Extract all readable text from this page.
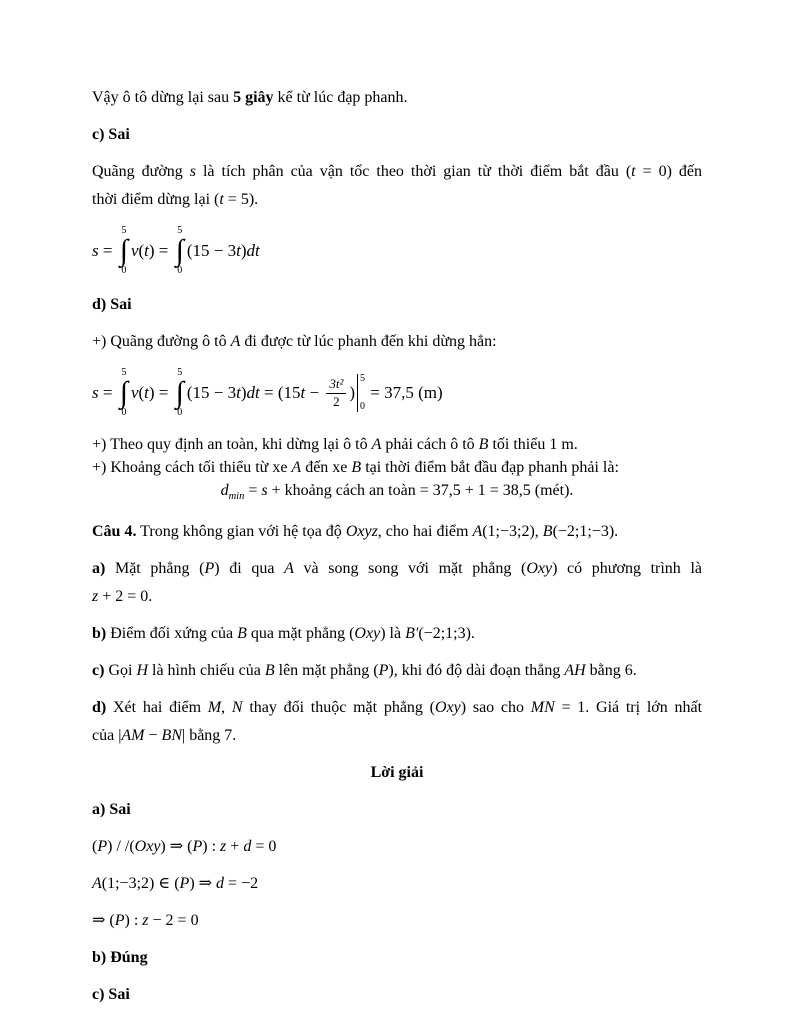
Vậy ô tô dừng lại sau 5 giây kể từ lúc đạp phanh.
c) Sai
Quãng đường s là tích phân của vận tốc theo thời gian từ thời điểm bắt đầu (t = 0) đến
thời điểm dừng lại (t = 5).
s =
5
∫
0
v ( t ) =
5
∫
0
(15 − 3 t ) dt
d) Sai
+) Quãng đường ô tô A đi được từ lúc phanh đến khi dừng hẳn:
s =
5
∫
0
v ( t ) =
5
∫
0
(15 − 3 t ) dt = (15 $t - \frac{\text{3t²}}{2}$ )
5
0
= 37,5 (m)
+) Theo quy định an toàn, khi dừng lại ô tô A phải cách ô tô B tối thiểu 1 m.
+) Khoảng cách tối thiểu từ xe A đến xe B tại thời điểm bắt đầu đạp phanh phải là:
$d_{min} = s$ + khoảng cách an toàn = 37,5 + 1 = 38,5 (mét).
Câu 4. Trong không gian với hệ tọa độ Oxyz, cho hai điểm A(1;−3;2), B(−2;1;−3).
a) Mặt phẳng (P) đi qua A và song song với mặt phẳng (Oxy) có phương trình là
z + 2 = 0.
b) Điểm đối xứng của B qua mặt phẳng (Oxy) là B′(−2;1;3).
c) Gọi H là hình chiếu của B lên mặt phẳng (P), khi đó độ dài đoạn thẳng AH bằng 6.
d) Xét hai điểm M, N thay đổi thuộc mặt phẳng (Oxy) sao cho MN = 1. Giá trị lớn nhất
của |AM − BN| bằng 7.
Lời giải
a) Sai
(P) / /(Oxy) ⇒ (P) : z + d = 0
A(1;−3;2) ∈ (P) ⇒ d = −2
⇒ (P) : z − 2 = 0
b) Đúng
c) Sai
